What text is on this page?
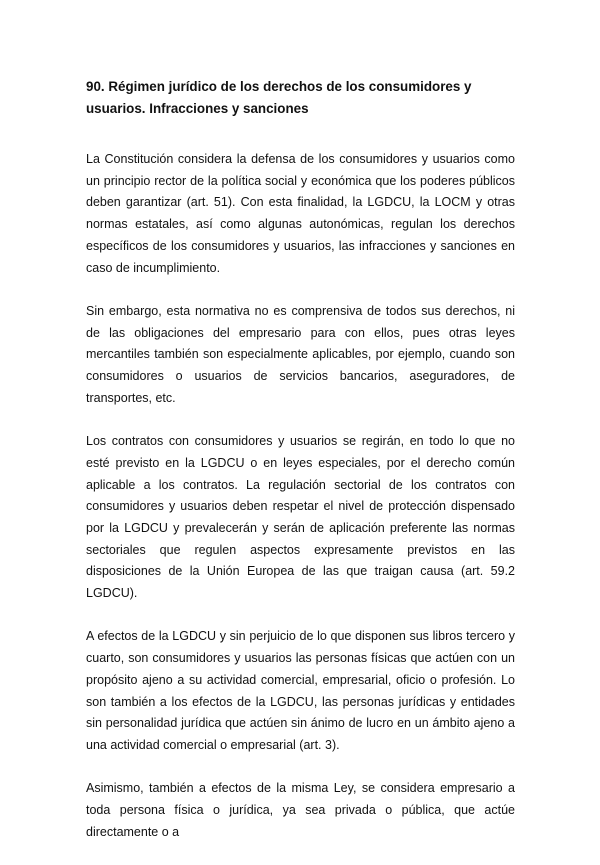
90. Régimen jurídico de los derechos de los consumidores y usuarios. Infracciones y sanciones

La Constitución considera la defensa de los consumidores y usuarios como un principio rector de la política social y económica que los poderes públicos deben garantizar (art. 51). Con esta finalidad, la LGDCU, la LOCM y otras normas estatales, así como algunas autonómicas, regulan los derechos específicos de los consumidores y usuarios, las infracciones y sanciones en caso de incumplimiento.

Sin embargo, esta normativa no es comprensiva de todos sus derechos, ni de las obligaciones del empresario para con ellos, pues otras leyes mercantiles también son especialmente aplicables, por ejemplo, cuando son consumidores o usuarios de servicios bancarios, aseguradores, de transportes, etc.

Los contratos con consumidores y usuarios se regirán, en todo lo que no esté previsto en la LGDCU o en leyes especiales, por el derecho común aplicable a los contratos. La regulación sectorial de los contratos con consumidores y usuarios deben respetar el nivel de protección dispensado por la LGDCU y prevalecerán y serán de aplicación preferente las normas sectoriales que regulen aspectos expresamente previstos en las disposiciones de la Unión Europea de las que traigan causa (art. 59.2 LGDCU).

A efectos de la LGDCU y sin perjuicio de lo que disponen sus libros tercero y cuarto, son consumidores y usuarios las personas físicas que actúen con un propósito ajeno a su actividad comercial, empresarial, oficio o profesión. Lo son también a los efectos de la LGDCU, las personas jurídicas y entidades sin personalidad jurídica que actúen sin ánimo de lucro en un ámbito ajeno a una actividad comercial o empresarial (art. 3).

Asimismo, también a efectos de la misma Ley, se considera empresario a toda persona física o jurídica, ya sea privada o pública, que actúe directamente o a
